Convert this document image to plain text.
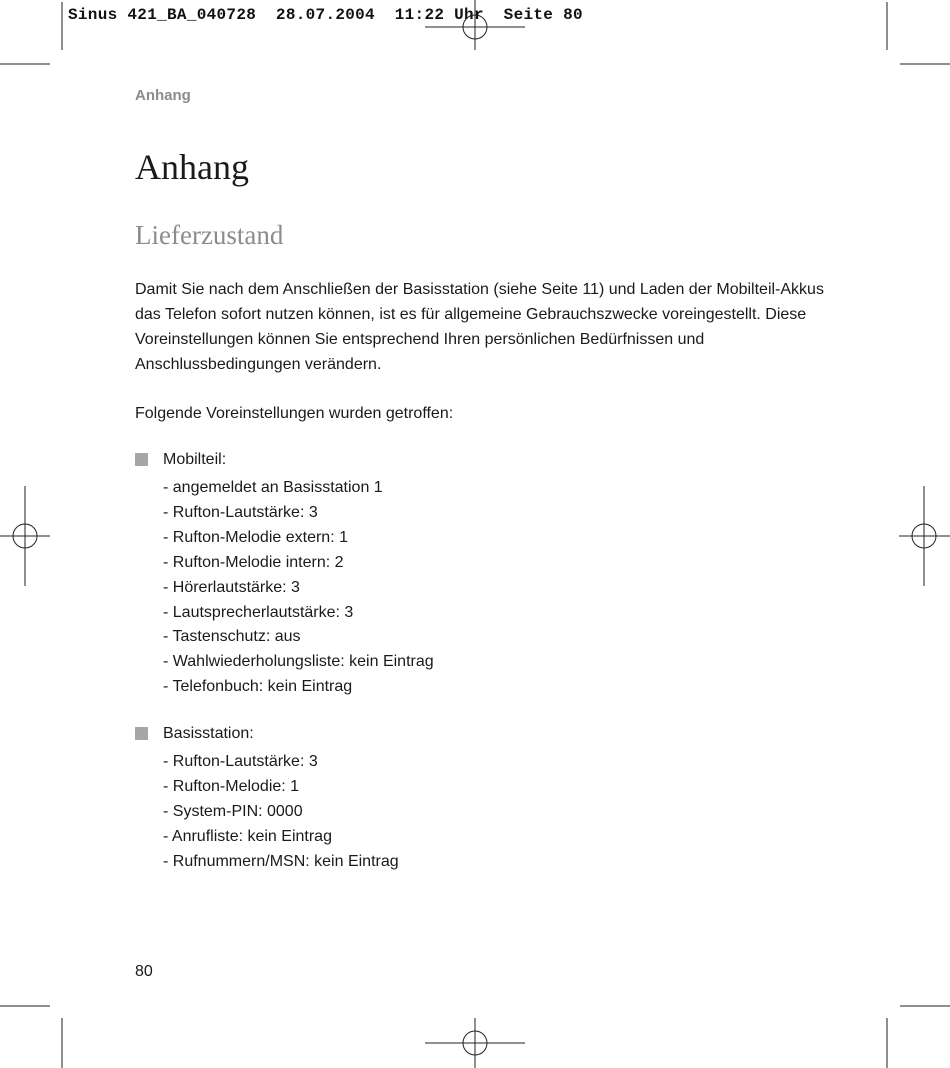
Sinus 421_BA_040728  28.07.2004  11:22 Uhr  Seite 80
Anhang
Anhang
Lieferzustand

Damit Sie nach dem Anschließen der Basisstation (siehe Seite 11) und Laden der Mobilteil-Akkus das Telefon sofort nutzen können, ist es für allgemeine Gebrauchszwecke voreingestellt. Diese Voreinstellungen können Sie entsprechend Ihren persönlichen Bedürfnissen und Anschlussbedingungen verändern.

Folgende Voreinstellungen wurden getroffen:

Mobilteil:
- angemeldet an Basisstation 1
- Rufton-Lautstärke: 3
- Rufton-Melodie extern: 1
- Rufton-Melodie intern: 2
- Hörerlautstärke: 3
- Lautsprecherlautstärke: 3
- Tastenschutz: aus
- Wahlwiederholungsliste: kein Eintrag
- Telefonbuch: kein Eintrag
Basisstation:
- Rufton-Lautstärke: 3
- Rufton-Melodie: 1
- System-PIN: 0000
- Anrufliste: kein Eintrag
- Rufnummern/MSN: kein Eintrag
80
